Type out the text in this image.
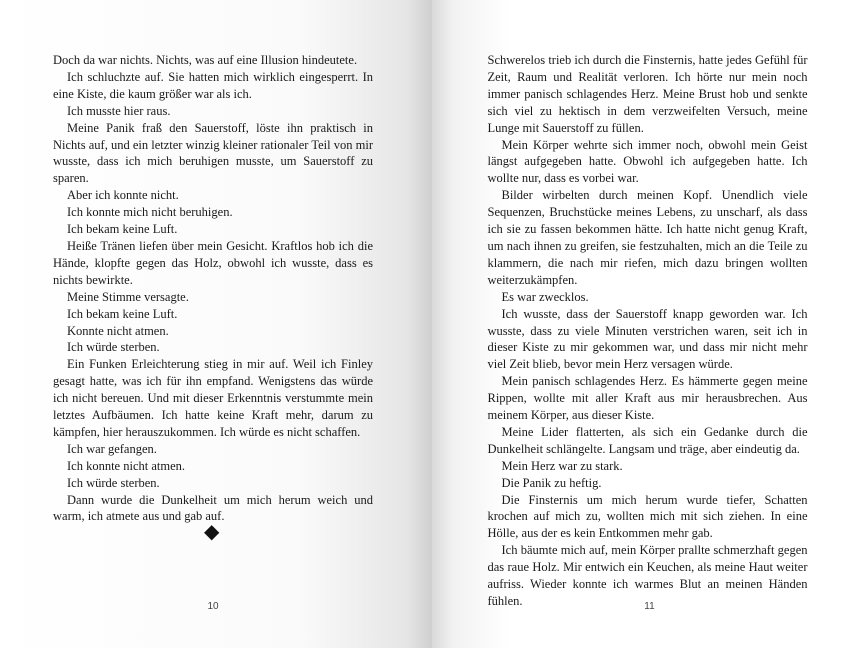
Doch da war nichts. Nichts, was auf eine Illusion hindeutete.

Ich schluchzte auf. Sie hatten mich wirklich eingesperrt. In eine Kiste, die kaum größer war als ich.

Ich musste hier raus.

Meine Panik fraß den Sauerstoff, löste ihn praktisch in Nichts auf, und ein letzter winzig kleiner rationaler Teil von mir wusste, dass ich mich beruhigen musste, um Sauerstoff zu sparen.

Aber ich konnte nicht.

Ich konnte mich nicht beruhigen.

Ich bekam keine Luft.

Heiße Tränen liefen über mein Gesicht. Kraftlos hob ich die Hände, klopfte gegen das Holz, obwohl ich wusste, dass es nichts bewirkte.

Meine Stimme versagte.

Ich bekam keine Luft.

Konnte nicht atmen.

Ich würde sterben.

Ein Funken Erleichterung stieg in mir auf. Weil ich Finley gesagt hatte, was ich für ihn empfand. Wenigstens das würde ich nicht bereuen. Und mit dieser Erkenntnis verstummte mein letztes Aufbäumen. Ich hatte keine Kraft mehr, darum zu kämpfen, hier herauszukommen. Ich würde es nicht schaffen.

Ich war gefangen.

Ich konnte nicht atmen.

Ich würde sterben.

Dann wurde die Dunkelheit um mich herum weich und warm, ich atmete aus und gab auf.

◆
10

Schwerelos trieb ich durch die Finsternis, hatte jedes Gefühl für Zeit, Raum und Realität verloren. Ich hörte nur mein noch immer panisch schlagendes Herz. Meine Brust hob und senkte sich viel zu hektisch in dem verzweifelten Versuch, meine Lunge mit Sauerstoff zu füllen.

Mein Körper wehrte sich immer noch, obwohl mein Geist längst aufgegeben hatte. Obwohl ich aufgegeben hatte. Ich wollte nur, dass es vorbei war.

Bilder wirbelten durch meinen Kopf. Unendlich viele Sequenzen, Bruchstücke meines Lebens, zu unscharf, als dass ich sie zu fassen bekommen hätte. Ich hatte nicht genug Kraft, um nach ihnen zu greifen, sie festzuhalten, mich an die Teile zu klammern, die nach mir riefen, mich dazu bringen wollten weiterzukämpfen.

Es war zwecklos.

Ich wusste, dass der Sauerstoff knapp geworden war. Ich wusste, dass zu viele Minuten verstrichen waren, seit ich in dieser Kiste zu mir gekommen war, und dass mir nicht mehr viel Zeit blieb, bevor mein Herz versagen würde.

Mein panisch schlagendes Herz. Es hämmerte gegen meine Rippen, wollte mit aller Kraft aus mir herausbrechen. Aus meinem Körper, aus dieser Kiste.

Meine Lider flatterten, als sich ein Gedanke durch die Dunkelheit schlängelte. Langsam und träge, aber eindeutig da.

Mein Herz war zu stark.

Die Panik zu heftig.

Die Finsternis um mich herum wurde tiefer, Schatten krochen auf mich zu, wollten mich mit sich ziehen. In eine Hölle, aus der es kein Entkommen mehr gab.

Ich bäumte mich auf, mein Körper prallte schmerzhaft gegen das raue Holz. Mir entwich ein Keuchen, als meine Haut weiter aufriss. Wieder konnte ich warmes Blut an meinen Händen fühlen.	11
